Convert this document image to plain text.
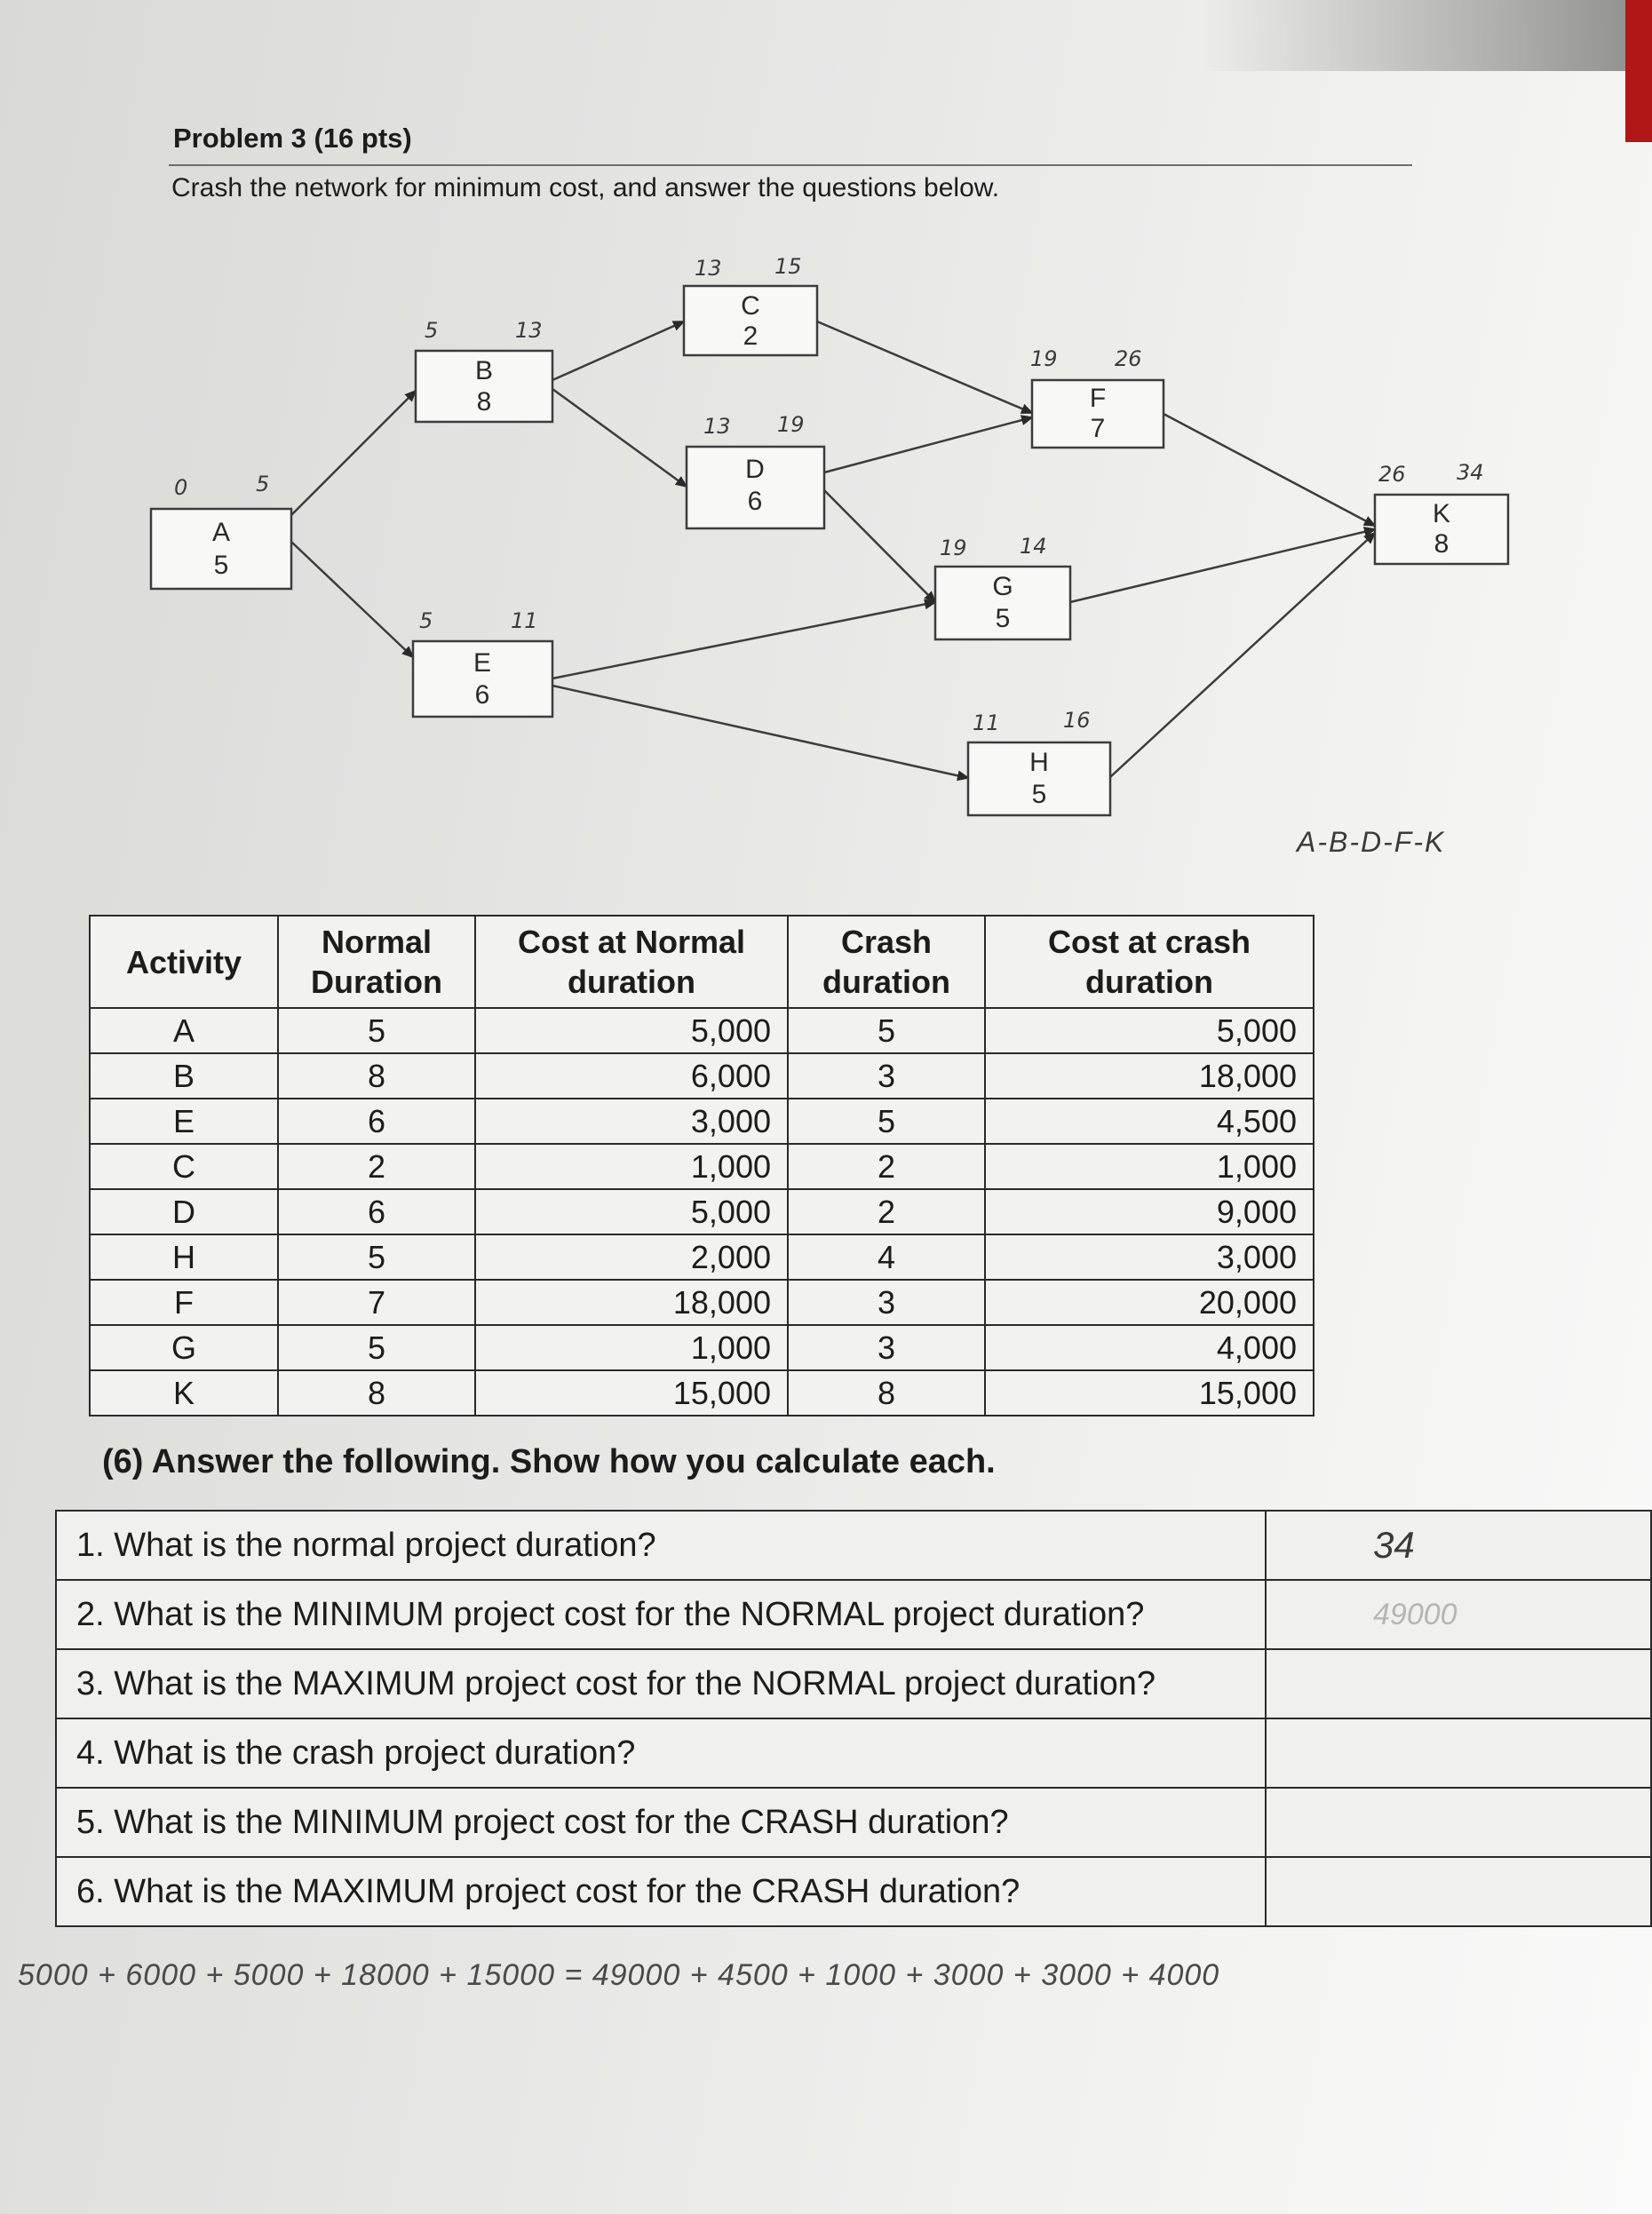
Problem 3 (16 pts)
Crash the network for minimum cost, and answer the questions below.
A
5
B
8
E
6
C
2
D
6
F
7
G
5
H
5
K
8
0	5
5	13
5	11
13 15
13 19
19	26
19 14
11	16
26 34
A-B-D-F-K
Activity	Normal Duration	Cost at Normal duration	Crash duration	Cost at crash duration
A	5	5,000	5	5,000
B	8	6,000	3	18,000
E	6	3,000	5	4,500
C	2	1,000	2	1,000
D	6	5,000	2	9,000
H	5	2,000	4	3,000
F	7	18,000	3	20,000
G	5	1,000	3	4,000
K	8	15,000	8	15,000
(6) Answer the following. Show how you calculate each.
1. What is the normal project duration?	34
2. What is the MINIMUM project cost for the NORMAL project duration?	49000
3. What is the MAXIMUM project cost for the NORMAL project duration?	
4. What is the crash project duration?	
5. What is the MINIMUM project cost for the CRASH duration?	
6. What is the MAXIMUM project cost for the CRASH duration?	
5000 + 6000 + 5000 + 18000 + 15000 = 49000 + 4500 + 1000 + 3000 + 3000 + 4000
